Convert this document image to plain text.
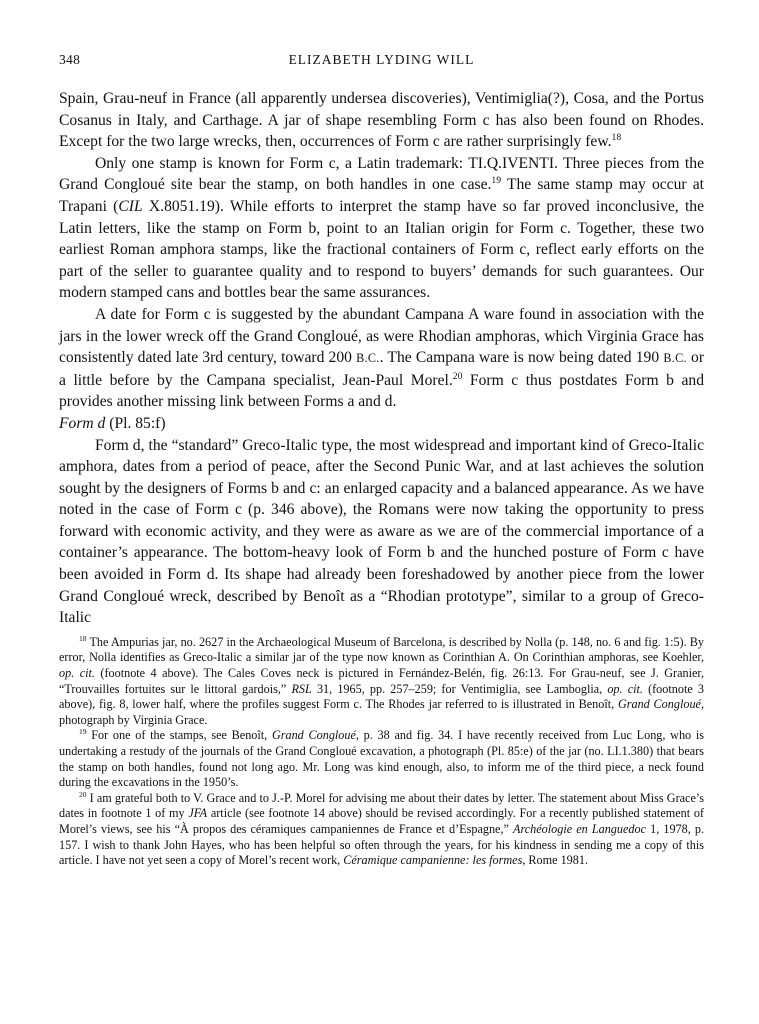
348	ELIZABETH LYDING WILL

Spain, Grau-neuf in France (all apparently undersea discoveries), Ventimiglia(?), Cosa, and the Portus Cosanus in Italy, and Carthage. A jar of shape resembling Form c has also been found on Rhodes. Except for the two large wrecks, then, occurrences of Form c are rather surprisingly few.$^{18}$

Only one stamp is known for Form c, a Latin trademark: TI.Q.IVENTI. Three pieces from the Grand Congloué site bear the stamp, on both handles in one case.$^{19}$ The same stamp may occur at Trapani (CIL X.8051.19). While efforts to interpret the stamp have so far proved inconclusive, the Latin letters, like the stamp on Form b, point to an Italian origin for Form c. Together, these two earliest Roman amphora stamps, like the fractional containers of Form c, reflect early efforts on the part of the seller to guarantee quality and to respond to buyers’ demands for such guarantees. Our modern stamped cans and bottles bear the same assurances.

A date for Form c is suggested by the abundant Campana A ware found in association with the jars in the lower wreck off the Grand Congloué, as were Rhodian amphoras, which Virginia Grace has consistently dated late 3rd century, toward 200 B.C.. The Campana ware is now being dated 190 B.C. or a little before by the Campana specialist, Jean-Paul Morel.$^{20}$ Form c thus postdates Form b and provides another missing link between Forms a and d.

Form d (Pl. 85:f)

Form d, the “standard” Greco-Italic type, the most widespread and important kind of Greco-Italic amphora, dates from a period of peace, after the Second Punic War, and at last achieves the solution sought by the designers of Forms b and c: an enlarged capacity and a balanced appearance. As we have noted in the case of Form c (p. 346 above), the Romans were now taking the opportunity to press forward with economic activity, and they were as aware as we are of the commercial importance of a container’s appearance. The bottom-heavy look of Form b and the hunched posture of Form c have been avoided in Form d. Its shape had already been foreshadowed by another piece from the lower Grand Congloué wreck, described by Benoît as a “Rhodian prototype”, similar to a group of Greco-Italic

$^{18}$ The Ampurias jar, no. 2627 in the Archaeological Museum of Barcelona, is described by Nolla (p. 148, no. 6 and fig. 1:5). By error, Nolla identifies as Greco-Italic a similar jar of the type now known as Corinthian A. On Corinthian amphoras, see Koehler, op. cit. (footnote 4 above). The Cales Coves neck is pictured in Fernández-Belén, fig. 26:13. For Grau-neuf, see J. Granier, “Trouvailles fortuites sur le littoral gardois,” RSL 31, 1965, pp. 257–259; for Ventimiglia, see Lamboglia, op. cit. (footnote 3 above), fig. 8, lower half, where the profiles suggest Form c. The Rhodes jar referred to is illustrated in Benoît, Grand Congloué, photograph by Virginia Grace.

$^{19}$ For one of the stamps, see Benoît, Grand Congloué, p. 38 and fig. 34. I have recently received from Luc Long, who is undertaking a restudy of the journals of the Grand Congloué excavation, a photograph (Pl. 85:e) of the jar (no. LI.1.380) that bears the stamp on both handles, found not long ago. Mr. Long was kind enough, also, to inform me of the third piece, a neck found during the excavations in the 1950’s.

$^{20}$ I am grateful both to V. Grace and to J.-P. Morel for advising me about their dates by letter. The statement about Miss Grace’s dates in footnote 1 of my JFA article (see footnote 14 above) should be revised accordingly. For a recently published statement of Morel’s views, see his “À propos des céramiques campaniennes de France et d’Espagne,” Archéologie en Languedoc 1, 1978, p. 157. I wish to thank John Hayes, who has been helpful so often through the years, for his kindness in sending me a copy of this article. I have not yet seen a copy of Morel’s recent work, Céramique campanienne: les formes, Rome 1981.
